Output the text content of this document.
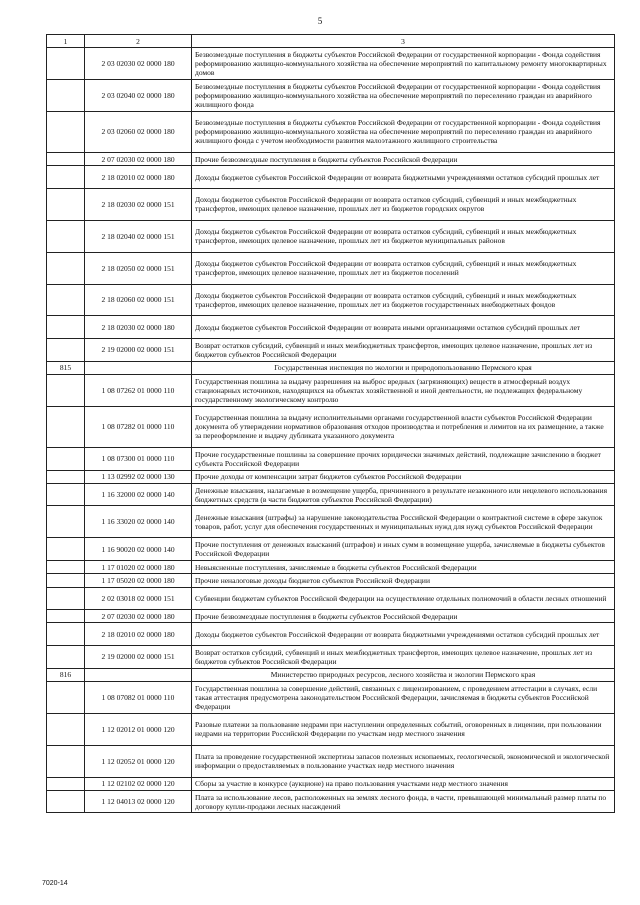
5
1	2	3
	2 03 02030 02 0000 180	Безвозмездные поступления в бюджеты субъектов Российской Федерации от государственной корпорации - Фонда содействия реформированию жилищно-коммунального хозяйства на обеспечение мероприятий по капитальному ремонту многоквартирных домов
	2 03 02040 02 0000 180	Безвозмездные поступления в бюджеты субъектов Российской Федерации от государственной корпорации - Фонда содействия реформированию жилищно-коммунального хозяйства на обеспечение мероприятий по переселению граждан из аварийного жилищного фонда
	2 03 02060 02 0000 180	Безвозмездные поступления в бюджеты субъектов Российской Федерации от государственной корпорации - Фонда содействия реформированию жилищно-коммунального хозяйства на обеспечение мероприятий по переселению граждан из аварийного жилищного фонда с учетом необходимости развития малоэтажного жилищного строительства
	2 07 02030 02 0000 180	Прочие безвозмездные поступления в бюджеты субъектов Российской Федерации
	2 18 02010 02 0000 180	Доходы бюджетов субъектов Российской Федерации от возврата бюджетными учреждениями остатков субсидий прошлых лет
	2 18 02030 02 0000 151	Доходы бюджетов субъектов Российской Федерации от возврата остатков субсидий, субвенций и иных межбюджетных трансфертов, имеющих целевое назначение, прошлых лет из бюджетов городских округов
	2 18 02040 02 0000 151	Доходы бюджетов субъектов Российской Федерации от возврата остатков субсидий, субвенций и иных межбюджетных трансфертов, имеющих целевое назначение, прошлых лет из бюджетов муниципальных районов
	2 18 02050 02 0000 151	Доходы бюджетов субъектов Российской Федерации от возврата остатков субсидий, субвенций и иных межбюджетных трансфертов, имеющих целевое назначение, прошлых лет из бюджетов поселений
	2 18 02060 02 0000 151	Доходы бюджетов субъектов Российской Федерации от возврата остатков субсидий, субвенций и иных межбюджетных трансфертов, имеющих целевое назначение, прошлых лет из бюджетов государственных внебюджетных фондов
	2 18 02030 02 0000 180	Доходы бюджетов субъектов Российской Федерации от возврата иными организациями остатков субсидий прошлых лет
	2 19 02000 02 0000 151	Возврат остатков субсидий, субвенций и иных межбюджетных трансфертов, имеющих целевое назначение, прошлых лет из бюджетов субъектов Российской Федерации
815		Государственная инспекция по экологии и природопользованию Пермского края
	1 08 07262 01 0000 110	Государственная пошлина за выдачу разрешения на выброс вредных (загрязняющих) веществ в атмосферный воздух стационарных источников, находящихся на объектах хозяйственной и иной деятельности, не подлежащих федеральному государственному экологическому контролю
	1 08 07282 01 0000 110	Государственная пошлина за выдачу исполнительными органами государственной власти субъектов Российской Федерации документа об утверждении нормативов образования отходов производства и потребления и лимитов на их размещение, а также за переоформление и выдачу дубликата указанного документа
	1 08 07300 01 0000 110	Прочие государственные пошлины за совершение прочих юридически значимых действий, подлежащие зачислению в бюджет субъекта Российской Федерации
	1 13 02992 02 0000 130	Прочие доходы от компенсации затрат бюджетов субъектов Российской Федерации
	1 16 32000 02 0000 140	Денежные взыскания, налагаемые в возмещение ущерба, причиненного в результате незаконного или нецелевого использования бюджетных средств (в части бюджетов субъектов Российской Федерации)
	1 16 33020 02 0000 140	Денежные взыскания (штрафы) за нарушение законодательства Российской Федерации о контрактной системе в сфере закупок товаров, работ, услуг для обеспечения государственных и муниципальных нужд для нужд субъектов Российской Федерации
	1 16 90020 02 0000 140	Прочие поступления от денежных взысканий (штрафов) и иных сумм в возмещение ущерба, зачисляемые в бюджеты субъектов Российской Федерации
	1 17 01020 02 0000 180	Невыясненные поступления, зачисляемые в бюджеты субъектов Российской Федерации
	1 17 05020 02 0000 180	Прочие неналоговые доходы бюджетов субъектов Российской Федерации
	2 02 03018 02 0000 151	Субвенции бюджетам субъектов Российской Федерации на осуществление отдельных полномочий в области лесных отношений
	2 07 02030 02 0000 180	Прочие безвозмездные поступления в бюджеты субъектов Российской Федерации
	2 18 02010 02 0000 180	Доходы бюджетов субъектов Российской Федерации от возврата бюджетными учреждениями остатков субсидий прошлых лет
	2 19 02000 02 0000 151	Возврат остатков субсидий, субвенций и иных межбюджетных трансфертов, имеющих целевое назначение, прошлых лет из бюджетов субъектов Российской Федерации
816		Министерство природных ресурсов, лесного хозяйства и экологии Пермского края
	1 08 07082 01 0000 110	Государственная пошлина за совершение действий, связанных с лицензированием, с проведением аттестации в случаях, если такая аттестация предусмотрена законодательством Российской Федерации, зачисляемая в бюджеты субъектов Российской Федерации
	1 12 02012 01 0000 120	Разовые платежи за пользование недрами при наступлении определенных событий, оговоренных в лицензии, при пользовании недрами на территории Российской Федерации по участкам недр местного значения
	1 12 02052 01 0000 120	Плата за проведение государственной экспертизы запасов полезных ископаемых, геологической, экономической и экологической информации о предоставляемых в пользование участках недр местного значения
	1 12 02102 02 0000 120	Сборы за участие в конкурсе (аукционе) на право пользования участками недр местного значения
	1 12 04013 02 0000 120	Плата за использование лесов, расположенных на землях лесного фонда, в части, превышающей минимальный размер платы по договору купли-продажи лесных насаждений
7020-14
